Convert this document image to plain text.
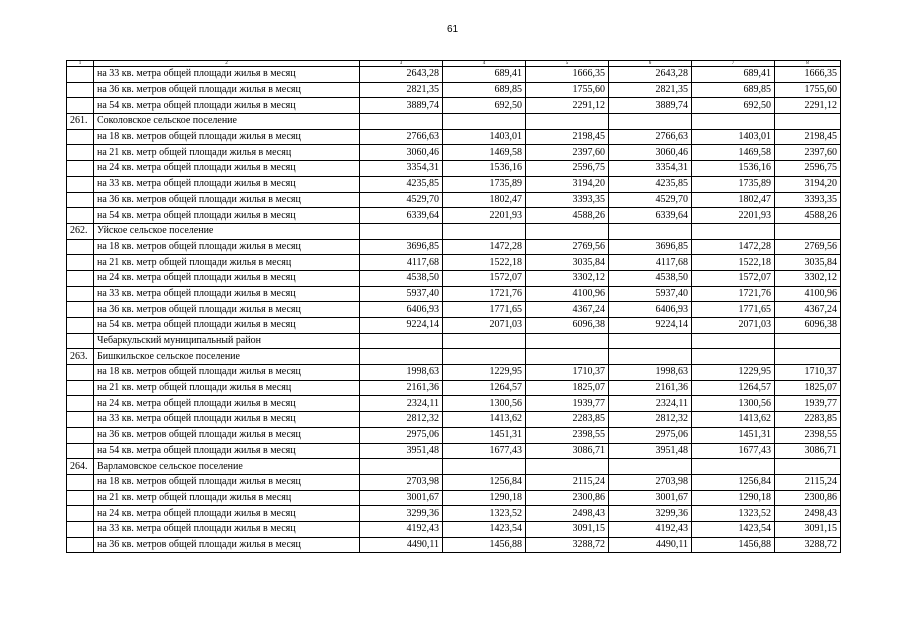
61
1	2	3	4	5	6	7	8
	на 33 кв. метра общей площади жилья в месяц	2643,28	689,41	1666,35	2643,28	689,41	1666,35
	на 36 кв. метров общей площади жилья в месяц	2821,35	689,85	1755,60	2821,35	689,85	1755,60
	на 54 кв. метра общей площади жилья в месяц	3889,74	692,50	2291,12	3889,74	692,50	2291,12
261.	Соколовское сельское поселение						
	на 18 кв. метров общей площади жилья в месяц	2766,63	1403,01	2198,45	2766,63	1403,01	2198,45
	на 21 кв. метр общей площади жилья в месяц	3060,46	1469,58	2397,60	3060,46	1469,58	2397,60
	на 24 кв. метра общей площади жилья в месяц	3354,31	1536,16	2596,75	3354,31	1536,16	2596,75
	на 33 кв. метра общей площади жилья в месяц	4235,85	1735,89	3194,20	4235,85	1735,89	3194,20
	на 36 кв. метров общей площади жилья в месяц	4529,70	1802,47	3393,35	4529,70	1802,47	3393,35
	на 54 кв. метра общей площади жилья в месяц	6339,64	2201,93	4588,26	6339,64	2201,93	4588,26
262.	Уйское сельское поселение						
	на 18 кв. метров общей площади жилья в месяц	3696,85	1472,28	2769,56	3696,85	1472,28	2769,56
	на 21 кв. метр общей площади жилья в месяц	4117,68	1522,18	3035,84	4117,68	1522,18	3035,84
	на 24 кв. метра общей площади жилья в месяц	4538,50	1572,07	3302,12	4538,50	1572,07	3302,12
	на 33 кв. метра общей площади жилья в месяц	5937,40	1721,76	4100,96	5937,40	1721,76	4100,96
	на 36 кв. метров общей площади жилья в месяц	6406,93	1771,65	4367,24	6406,93	1771,65	4367,24
	на 54 кв. метра общей площади жилья в месяц	9224,14	2071,03	6096,38	9224,14	2071,03	6096,38
	Чебаркульский муниципальный район						
263.	Бишкильское сельское поселение						
	на 18 кв. метров общей площади жилья в месяц	1998,63	1229,95	1710,37	1998,63	1229,95	1710,37
	на 21 кв. метр общей площади жилья в месяц	2161,36	1264,57	1825,07	2161,36	1264,57	1825,07
	на 24 кв. метра общей площади жилья в месяц	2324,11	1300,56	1939,77	2324,11	1300,56	1939,77
	на 33 кв. метра общей площади жилья в месяц	2812,32	1413,62	2283,85	2812,32	1413,62	2283,85
	на 36 кв. метров общей площади жилья в месяц	2975,06	1451,31	2398,55	2975,06	1451,31	2398,55
	на 54 кв. метра общей площади жилья в месяц	3951,48	1677,43	3086,71	3951,48	1677,43	3086,71
264.	Варламовское сельское поселение						
	на 18 кв. метров общей площади жилья в месяц	2703,98	1256,84	2115,24	2703,98	1256,84	2115,24
	на 21 кв. метр общей площади жилья в месяц	3001,67	1290,18	2300,86	3001,67	1290,18	2300,86
	на 24 кв. метра общей площади жилья в месяц	3299,36	1323,52	2498,43	3299,36	1323,52	2498,43
	на 33 кв. метра общей площади жилья в месяц	4192,43	1423,54	3091,15	4192,43	1423,54	3091,15
	на 36 кв. метров общей площади жилья в месяц	4490,11	1456,88	3288,72	4490,11	1456,88	3288,72
